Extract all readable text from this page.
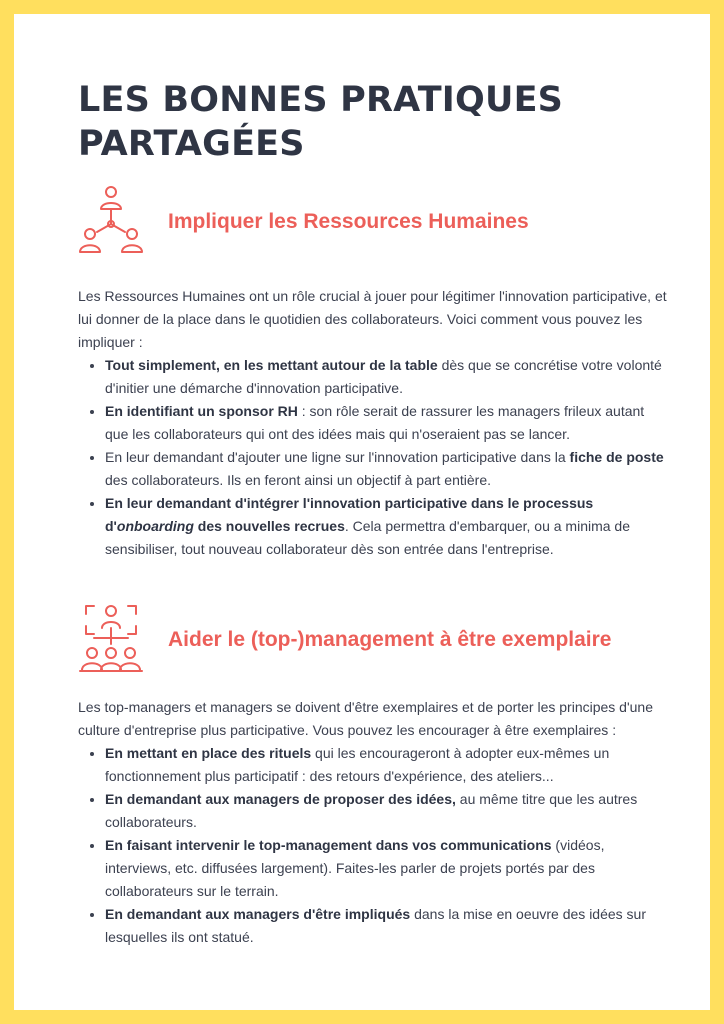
LES BONNES PRATIQUES
PARTAGÉES
Impliquer les Ressources Humaines

Les Ressources Humaines ont un rôle crucial à jouer pour légitimer l'innovation participative, et lui donner de la place dans le quotidien des collaborateurs. Voici comment vous pouvez les impliquer :

• Tout simplement, en les mettant autour de la table dès que se concrétise votre volonté d'initier une démarche d'innovation participative.
• En identifiant un sponsor RH : son rôle serait de rassurer les managers frileux autant que les collaborateurs qui ont des idées mais qui n'oseraient pas se lancer.
• En leur demandant d'ajouter une ligne sur l'innovation participative dans la fiche de poste des collaborateurs. Ils en feront ainsi un objectif à part entière.
• En leur demandant d'intégrer l'innovation participative dans le processus d'onboarding des nouvelles recrues. Cela permettra d'embarquer, ou a minima de sensibiliser, tout nouveau collaborateur dès son entrée dans l'entreprise.
Aider le (top-)management à être exemplaire

Les top-managers et managers se doivent d'être exemplaires et de porter les principes d'une culture d'entreprise plus participative. Vous pouvez les encourager à être exemplaires :

• En mettant en place des rituels qui les encourageront à adopter eux-mêmes un fonctionnement plus participatif : des retours d'expérience, des ateliers...
• En demandant aux managers de proposer des idées, au même titre que les autres collaborateurs.
• En faisant intervenir le top-management dans vos communications (vidéos, interviews, etc. diffusées largement). Faites-les parler de projets portés par des collaborateurs sur le terrain.
• En demandant aux managers d'être impliqués dans la mise en oeuvre des idées sur lesquelles ils ont statué.
